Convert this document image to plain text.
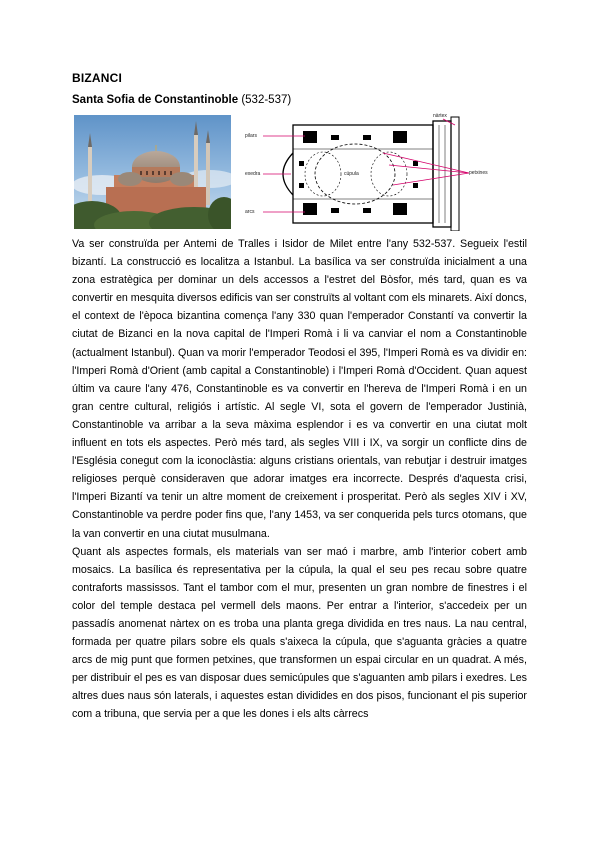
BIZANCI
Santa Sofia de Constantinoble (532-537)
pilars
exedra
arcs
nàrtex
cúpula	petxines

Va ser construïda per Antemi de Tralles i Isidor de Milet entre l'any 532-537. Segueix l'estil bizantí. La construcció es localitza a Istanbul. La basílica va ser construïda inicialment a una zona estratègica per dominar un dels accessos a l'estret del Bòsfor, més tard, quan es va convertir en mesquita diversos edificis van ser construïts al voltant com els minarets. Així doncs, el context de l'època bizantina comença l'any 330 quan l'emperador Constantí va convertir la ciutat de Bizanci en la nova capital de l'Imperi Romà i li va canviar el nom a Constantinoble (actualment Istanbul). Quan va morir l'emperador Teodosi el 395, l'Imperi Romà es va dividir en: l'Imperi Romà d'Orient (amb capital a Constantinoble) i l'Imperi Romà d'Occident. Quan aquest últim va caure l'any 476, Constantinoble es va convertir en l'hereva de l'Imperi Romà i en un gran centre cultural, religiós i artístic. Al segle VI, sota el govern de l'emperador Justinià, Constantinoble va arribar a la seva màxima esplendor i es va convertir en una ciutat molt influent en tots els aspectes. Però més tard, als segles VIII i IX, va sorgir un conflicte dins de l'Església conegut com la iconoclàstia: alguns cristians orientals, van rebutjar i destruir imatges religioses perquè consideraven que adorar imatges era incorrecte. Després d'aquesta crisi, l'Imperi Bizantí va tenir un altre moment de creixement i prosperitat. Però als segles XIV i XV, Constantinoble va perdre poder fins que, l'any 1453, va ser conquerida pels turcs otomans, que la van convertir en una ciutat musulmana.

Quant als aspectes formals, els materials van ser maó i marbre, amb l'interior cobert amb mosaics. La basílica és representativa per la cúpula, la qual el seu pes recau sobre quatre contraforts massissos. Tant el tambor com el mur, presenten un gran nombre de finestres i el color del temple destaca pel vermell dels maons. Per entrar a l'interior, s'accedeix per un passadís anomenat nàrtex on es troba una planta grega dividida en tres naus. La nau central, formada per quatre pilars sobre els quals s'aixeca la cúpula, que s'aguanta gràcies a quatre arcs de mig punt que formen petxines, que transformen un espai circular en un quadrat. A més, per distribuir el pes es van disposar dues semicúpules que s'aguanten amb pilars i exedres. Les altres dues naus són laterals, i aquestes estan dividides en dos pisos, funcionant el pis superior com a tribuna, que servia per a que les dones i els alts càrrecs
